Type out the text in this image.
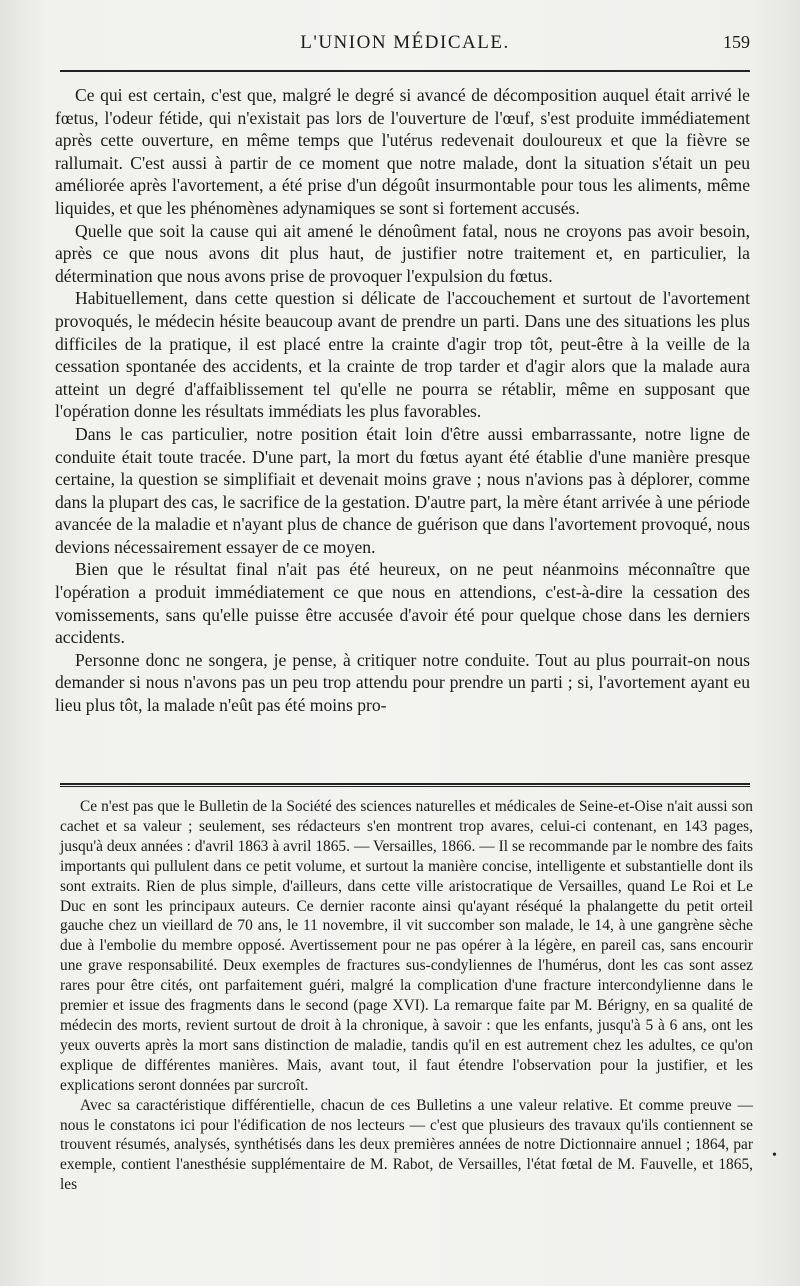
L'UNION MÉDICALE.	159

Ce qui est certain, c'est que, malgré le degré si avancé de décomposition auquel était arrivé le fœtus, l'odeur fétide, qui n'existait pas lors de l'ouverture de l'œuf, s'est produite immédiatement après cette ouverture, en même temps que l'utérus redevenait douloureux et que la fièvre se rallumait. C'est aussi à partir de ce moment que notre malade, dont la situation s'était un peu améliorée après l'avortement, a été prise d'un dégoût insurmontable pour tous les aliments, même liquides, et que les phénomènes adynamiques se sont si fortement accusés.

Quelle que soit la cause qui ait amené le dénoûment fatal, nous ne croyons pas avoir besoin, après ce que nous avons dit plus haut, de justifier notre traitement et, en particulier, la détermination que nous avons prise de provoquer l'expulsion du fœtus.

Habituellement, dans cette question si délicate de l'accouchement et surtout de l'avortement provoqués, le médecin hésite beaucoup avant de prendre un parti. Dans une des situations les plus difficiles de la pratique, il est placé entre la crainte d'agir trop tôt, peut-être à la veille de la cessation spontanée des accidents, et la crainte de trop tarder et d'agir alors que la malade aura atteint un degré d'affaiblissement tel qu'elle ne pourra se rétablir, même en supposant que l'opération donne les résultats immédiats les plus favorables.

Dans le cas particulier, notre position était loin d'être aussi embarrassante, notre ligne de conduite était toute tracée. D'une part, la mort du fœtus ayant été établie d'une manière presque certaine, la question se simplifiait et devenait moins grave ; nous n'avions pas à déplorer, comme dans la plupart des cas, le sacrifice de la gestation. D'autre part, la mère étant arrivée à une période avancée de la maladie et n'ayant plus de chance de guérison que dans l'avortement provoqué, nous devions nécessairement essayer de ce moyen.

Bien que le résultat final n'ait pas été heureux, on ne peut néanmoins méconnaître que l'opération a produit immédiatement ce que nous en attendions, c'est-à-dire la cessation des vomissements, sans qu'elle puisse être accusée d'avoir été pour quelque chose dans les derniers accidents.

Personne donc ne songera, je pense, à critiquer notre conduite. Tout au plus pourrait-on nous demander si nous n'avons pas un peu trop attendu pour prendre un parti ; si, l'avortement ayant eu lieu plus tôt, la malade n'eût pas été moins pro-

Ce n'est pas que le Bulletin de la Société des sciences naturelles et médicales de Seine-et-Oise n'ait aussi son cachet et sa valeur ; seulement, ses rédacteurs s'en montrent trop avares, celui-ci contenant, en 143 pages, jusqu'à deux années : d'avril 1863 à avril 1865. — Versailles, 1866. — Il se recommande par le nombre des faits importants qui pullulent dans ce petit volume, et surtout la manière concise, intelligente et substantielle dont ils sont extraits. Rien de plus simple, d'ailleurs, dans cette ville aristocratique de Versailles, quand Le Roi et Le Duc en sont les principaux auteurs. Ce dernier raconte ainsi qu'ayant réséqué la phalangette du petit orteil gauche chez un vieillard de 70 ans, le 11 novembre, il vit succomber son malade, le 14, à une gangrène sèche due à l'embolie du membre opposé. Avertissement pour ne pas opérer à la légère, en pareil cas, sans encourir une grave responsabilité. Deux exemples de fractures sus-condyliennes de l'humérus, dont les cas sont assez rares pour être cités, ont parfaitement guéri, malgré la complication d'une fracture intercondylienne dans le premier et issue des fragments dans le second (page XVI). La remarque faite par M. Bérigny, en sa qualité de médecin des morts, revient surtout de droit à la chronique, à savoir : que les enfants, jusqu'à 5 à 6 ans, ont les yeux ouverts après la mort sans distinction de maladie, tandis qu'il en est autrement chez les adultes, ce qu'on explique de différentes manières. Mais, avant tout, il faut étendre l'observation pour la justifier, et les explications seront données par surcroît.

Avec sa caractéristique différentielle, chacun de ces Bulletins a une valeur relative. Et comme preuve — nous le constatons ici pour l'édification de nos lecteurs — c'est que plusieurs des travaux qu'ils contiennent se trouvent résumés, analysés, synthétisés dans les deux premières années de notre Dictionnaire annuel ; 1864, par exemple, contient l'anesthésie supplémentaire de M. Rabot, de Versailles, l'état fœtal de M. Fauvelle, et 1865, les

•
